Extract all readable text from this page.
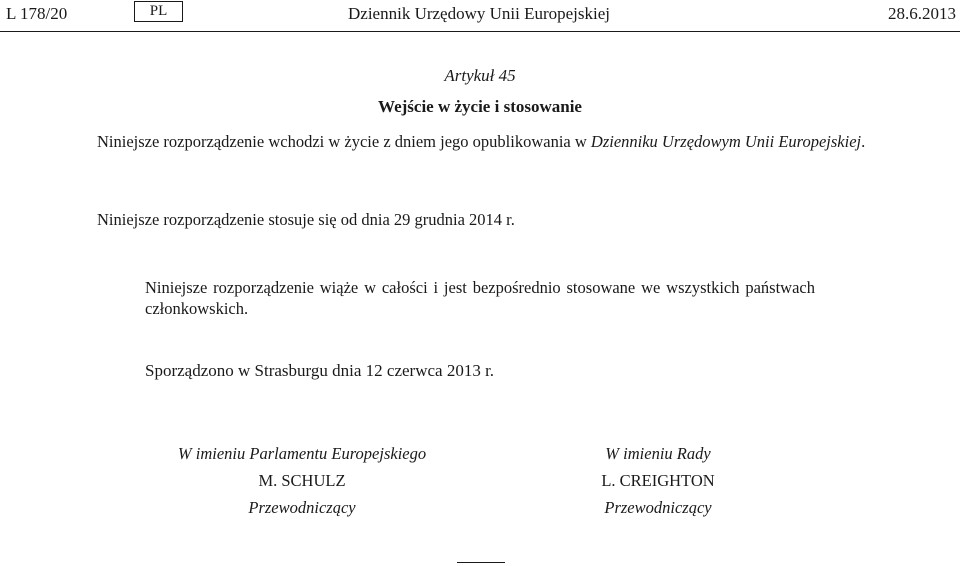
L 178/20	PL	Dziennik Urzędowy Unii Europejskiej	28.6.2013
Artykuł 45
Wejście w życie i stosowanie
Niniejsze rozporządzenie wchodzi w życie z dniem jego opublikowania w Dzienniku Urzędowym Unii Europejskiej.
Niniejsze rozporządzenie stosuje się od dnia 29 grudnia 2014 r.
Niniejsze rozporządzenie wiąże w całości i jest bezpośrednio stosowane we wszystkich państwach członkowskich.
Sporządzono w Strasburgu dnia 12 czerwca 2013 r.
W imieniu Parlamentu Europejskiego
M. SCHULZ
Przewodniczący
W imieniu Rady
L. CREIGHTON
Przewodniczący
